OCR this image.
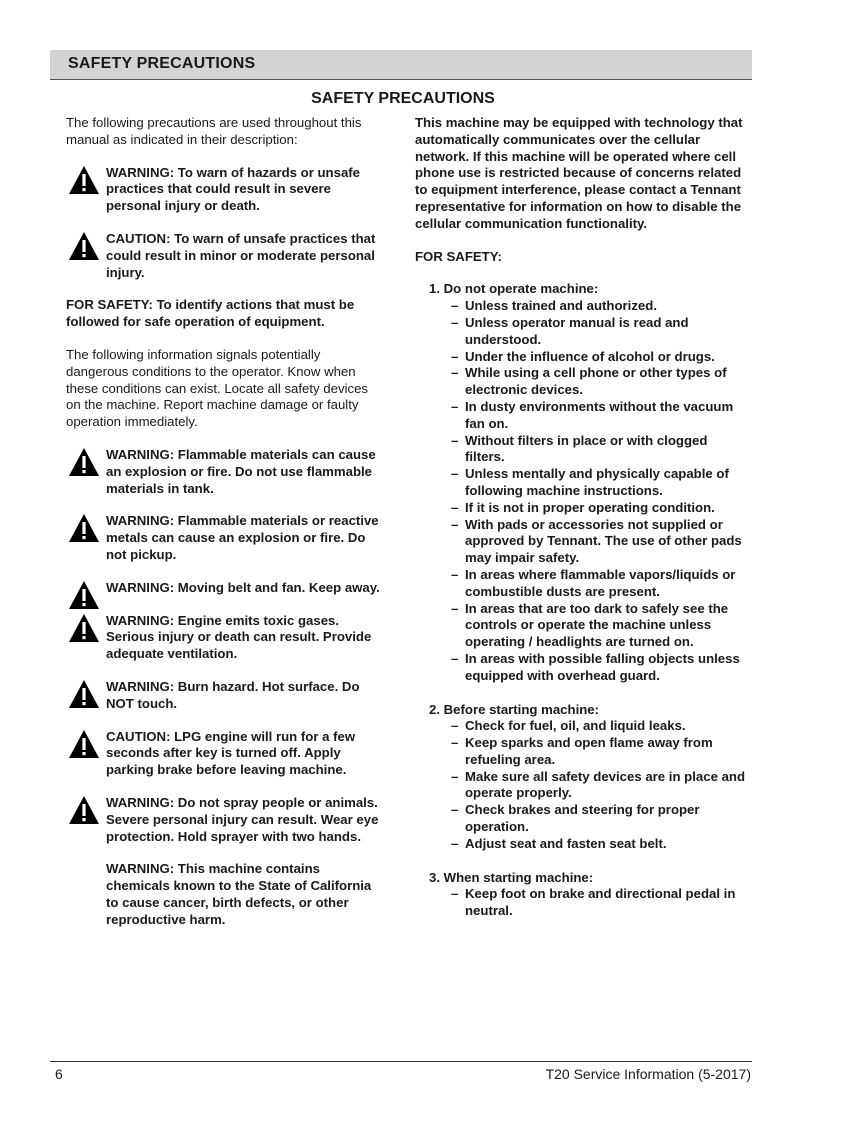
SAFETY PRECAUTIONS
SAFETY PRECAUTIONS

The following precautions are used throughout this manual as indicated in their description:

WARNING: To warn of hazards or unsafe practices that could result in severe personal injury or death.
CAUTION: To warn of unsafe practices that could result in minor or moderate personal injury.

FOR SAFETY: To identify actions that must be followed for safe operation of equipment.

The following information signals potentially dangerous conditions to the operator. Know when these conditions can exist. Locate all safety devices on the machine. Report machine damage or faulty operation immediately.

WARNING: Flammable materials can cause an explosion or fire. Do not use flammable materials in tank.
WARNING: Flammable materials or reactive metals can cause an explosion or fire. Do not pickup.
WARNING: Moving belt and fan. Keep away.
WARNING: Engine emits toxic gases. Serious injury or death can result. Provide adequate ventilation.
WARNING: Burn hazard. Hot surface. Do NOT touch.
CAUTION: LPG engine will run for a few seconds after key is turned off. Apply parking brake before leaving machine.
WARNING: Do not spray people or animals. Severe personal injury can result. Wear eye protection. Hold sprayer with two hands.

WARNING: This machine contains chemicals known to the State of California to cause cancer, birth defects, or other reproductive harm.

This machine may be equipped with technology that automatically communicates over the cellular network. If this machine will be operated where cell phone use is restricted because of concerns related to equipment interference, please contact a Tennant representative for information on how to disable the cellular communication functionality.

FOR SAFETY:

1. Do not operate machine:
– Unless trained and authorized.
– Unless operator manual is read and understood.
– Under the influence of alcohol or drugs.
– While using a cell phone or other types of electronic devices.
– In dusty environments without the vacuum fan on.
– Without filters in place or with clogged filters.
– Unless mentally and physically capable of following machine instructions.
– If it is not in proper operating condition.
– With pads or accessories not supplied or approved by Tennant. The use of other pads may impair safety.
– In areas where flammable vapors/liquids or combustible dusts are present.
– In areas that are too dark to safely see the controls or operate the machine unless operating / headlights are turned on.
– In areas with possible falling objects unless equipped with overhead guard.
2. Before starting machine:
– Check for fuel, oil, and liquid leaks.
– Keep sparks and open flame away from refueling area.
– Make sure all safety devices are in place and operate properly.
– Check brakes and steering for proper operation.
– Adjust seat and fasten seat belt.
3. When starting machine:
– Keep foot on brake and directional pedal in neutral.
6	T20 Service Information (5-2017)
